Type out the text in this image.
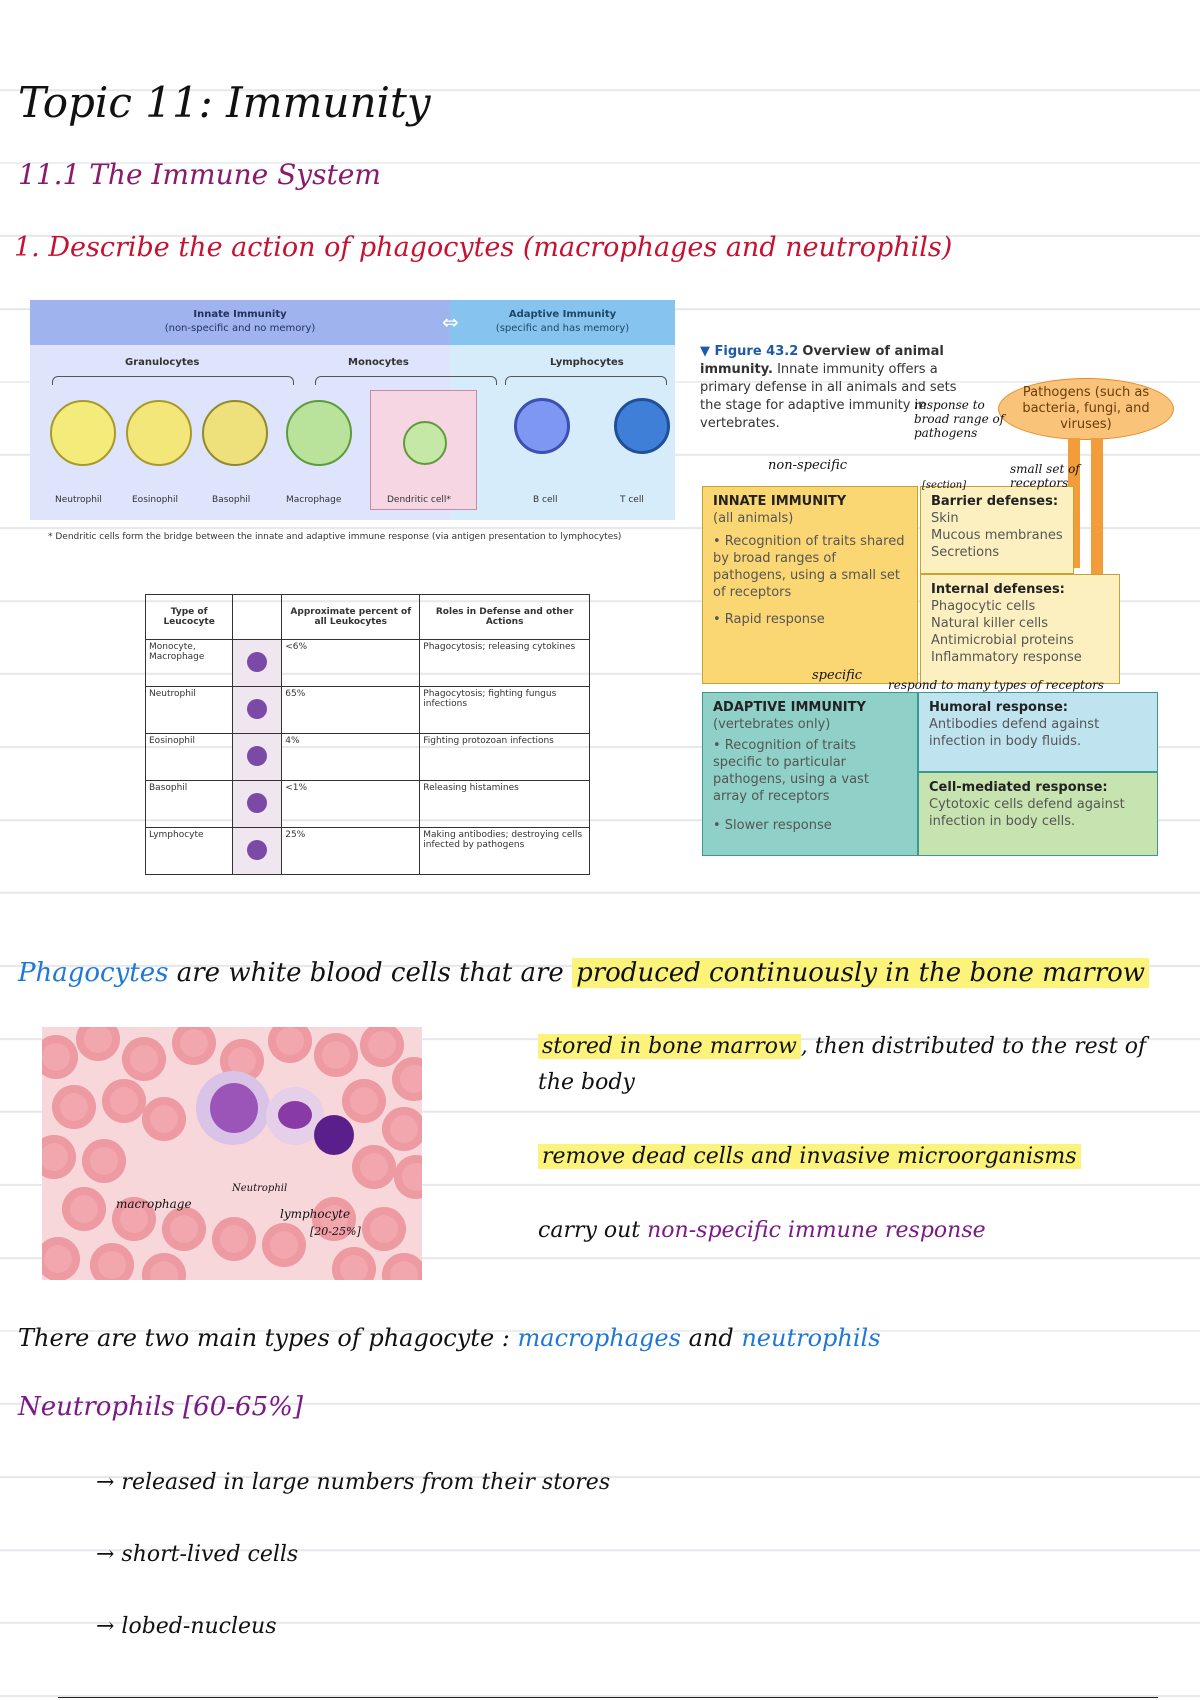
Topic 11: Immunity
11.1 The Immune System
1. Describe the action of phagocytes (macrophages and neutrophils)
Innate Immunity
(non-specific and no memory)
Adaptive Immunity
(specific and has memory)
⇔
Granulocytes	Monocytes	Lymphocytes
Neutrophil	Eosinophil	Basophil	Macrophage	Dendritic cell*	B cell	T cell
* Dendritic cells form the bridge between the innate and adaptive immune response (via antigen presentation to lymphocytes)
Type of Leucocyte		Approximate percent of all Leukocytes	Roles in Defense and other Actions
Monocyte, Macrophage		<6%	Phagocytosis; releasing cytokines
Neutrophil		65%	Phagocytosis; fighting fungus infections
Eosinophil		4%	Fighting protozoan infections
Basophil		<1%	Releasing histamines
Lymphocyte		25%	Making antibodies; destroying cells infected by pathogens
▼ Figure 43.2 Overview of animal immunity. Innate immunity offers a primary defense in all animals and sets the stage for adaptive immunity in vertebrates.
Pathogens (such as bacteria, fungi, and viruses)
INNATE IMMUNITY
(all animals)

• Recognition of traits shared by broad ranges of pathogens, using a small set of receptors
• Rapid response
Barrier defenses:
Skin
Mucous membranes
Secretions
Internal defenses:
Phagocytic cells
Natural killer cells
Antimicrobial proteins
Inflammatory response
ADAPTIVE IMMUNITY
(vertebrates only)
• Recognition of traits specific to particular pathogens, using a vast array of receptors
• Slower response
Humoral response:
Antibodies defend against infection in body fluids.
Cell-mediated response:
Cytotoxic cells defend against infection in body cells.
non-specific
response to broad range of pathogens
small set of receptors
[section]
specific
respond to many types of receptors
Phagocytes are white blood cells that are produced continuously in the bone marrow
macrophage
Neutrophil
lymphocyte
[20-25%]
stored in bone marrow , then distributed to the rest of
the body
remove dead cells and invasive microorganisms
carry out non-specific immune response
There are two main types of phagocyte : macrophages and neutrophils
Neutrophils [60-65%]
→ released in large numbers from their stores
→ short-lived cells
→ lobed-nucleus
